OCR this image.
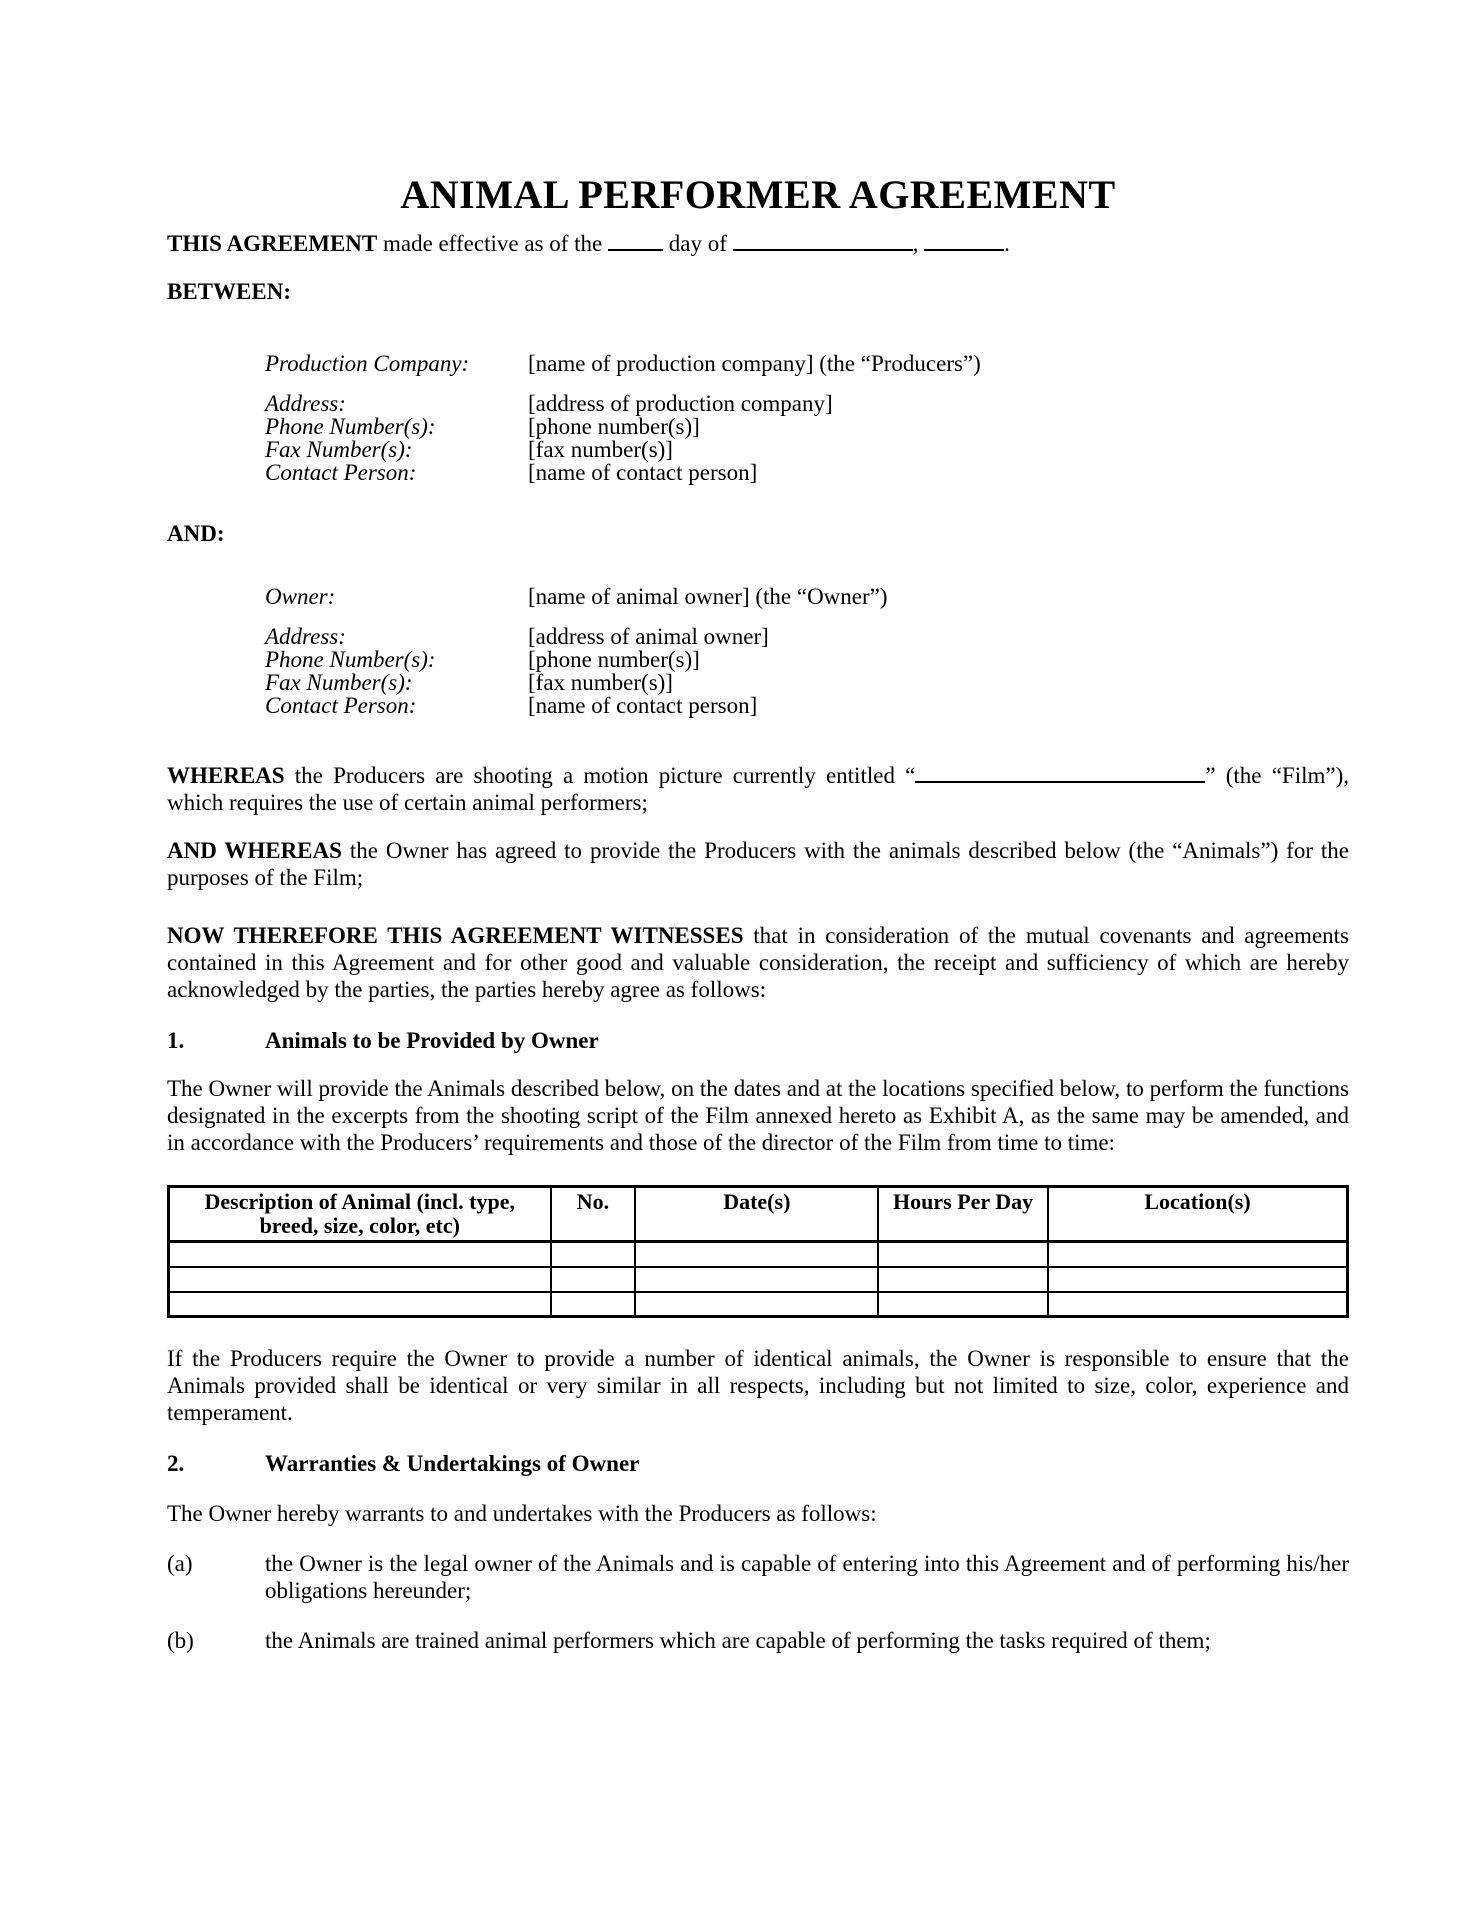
ANIMAL PERFORMER AGREEMENT
THIS AGREEMENT made effective as of the  day of	,	.
BETWEEN:
Production Company:	[name of production company] (the “Producers”)
Address:	[address of production company]
Phone Number(s):	[phone number(s)]
Fax Number(s):	[fax number(s)]
Contact Person:	[name of contact person]
AND:
Owner:	[name of animal owner] (the “Owner”)
Address:	[address of animal owner]
Phone Number(s):	[phone number(s)]
Fax Number(s):	[fax number(s)]
Contact Person:	[name of contact person]
WHEREAS the Producers are shooting a motion picture currently entitled “	” (the “Film”), which requires the use of certain animal performers;
AND WHEREAS the Owner has agreed to provide the Producers with the animals described below (the “Animals”) for the purposes of the Film;
NOW THEREFORE THIS AGREEMENT WITNESSES that in consideration of the mutual covenants and agreements contained in this Agreement and for other good and valuable consideration, the receipt and sufficiency of which are hereby acknowledged by the parties, the parties hereby agree as follows:
1.	Animals to be Provided by Owner
The Owner will provide the Animals described below, on the dates and at the locations specified below, to perform the functions designated in the excerpts from the shooting script of the Film annexed hereto as Exhibit A, as the same may be amended, and in accordance with the Producers’ requirements and those of the director of the Film from time to time:
Description of Animal (incl. type, breed, size, color, etc)	No.	Date(s)	Hours Per Day	Location(s)

If the Producers require the Owner to provide a number of identical animals, the Owner is responsible to ensure that the Animals provided shall be identical or very similar in all respects, including but not limited to size, color, experience and temperament.
2.	Warranties & Undertakings of Owner
The Owner hereby warrants to and undertakes with the Producers as follows:
(a)	the Owner is the legal owner of the Animals and is capable of entering into this Agreement and of performing his/her obligations hereunder;
(b)	the Animals are trained animal performers which are capable of performing the tasks required of them;
